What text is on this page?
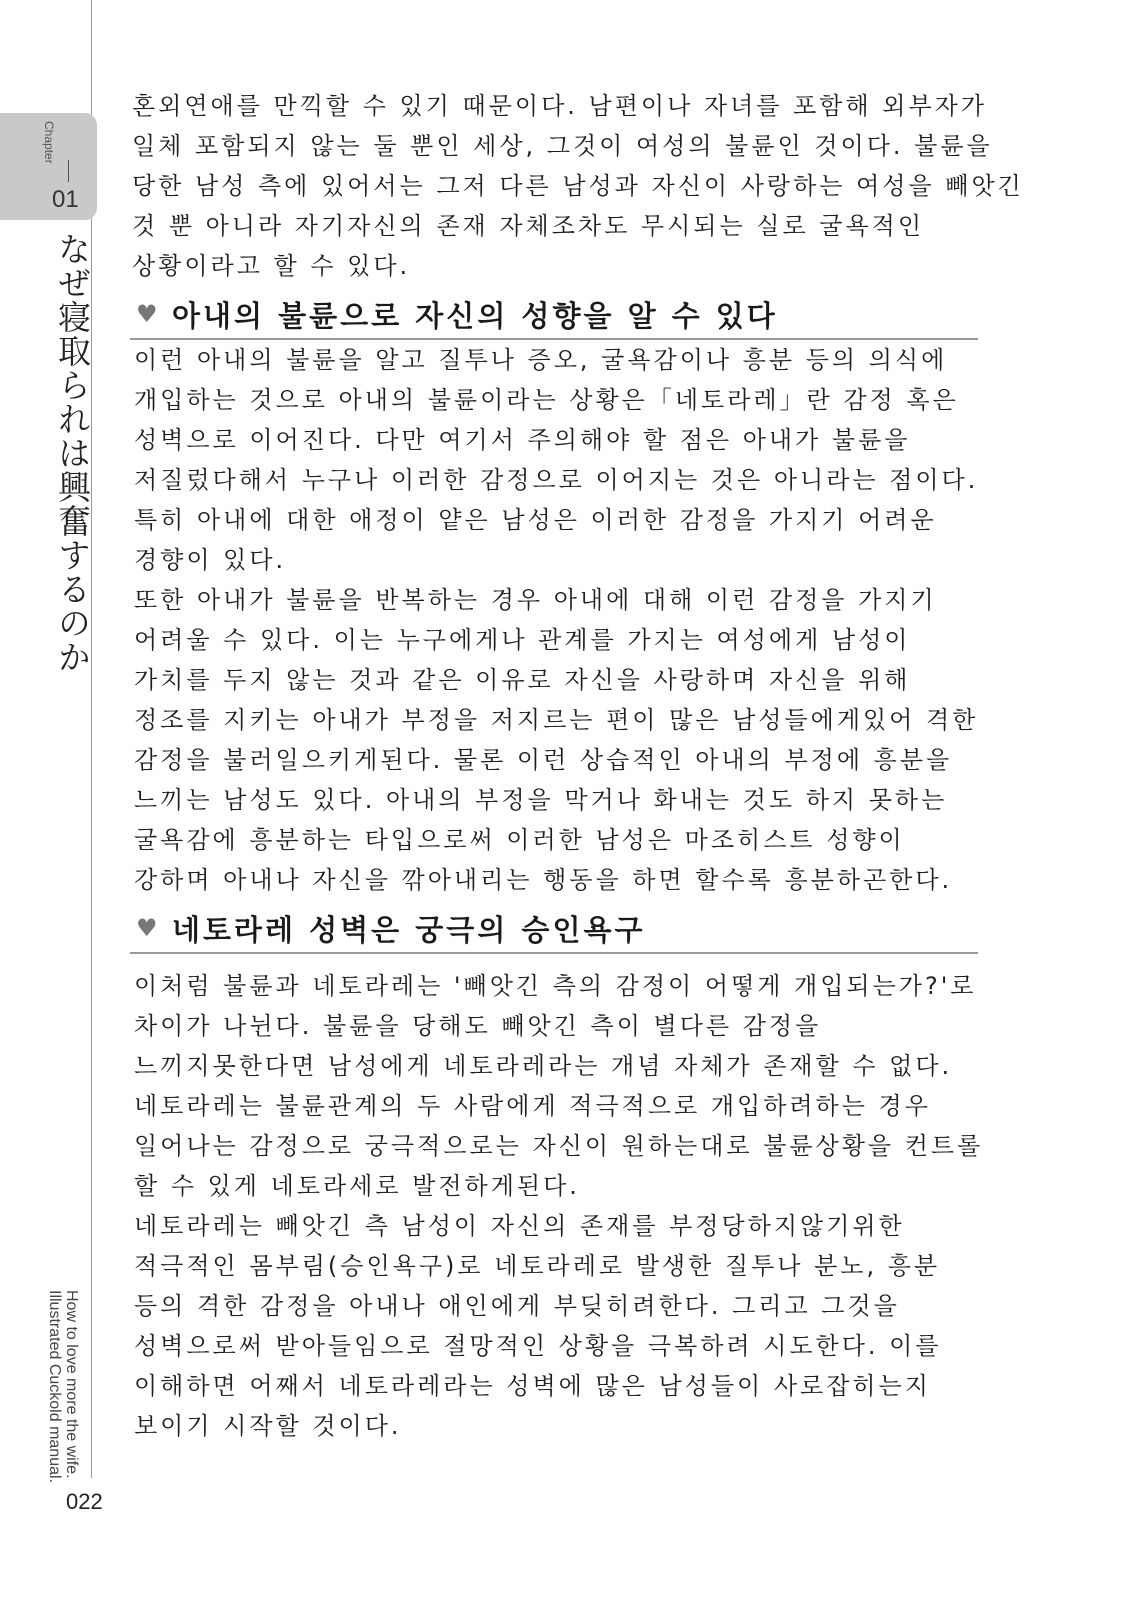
Chapter
01
なぜ寝取られは興奮するのか
How to love more the wife.
Illustrated Cuckold manual.
022

혼외연애를 만끽할 수 있기 때문이다. 남편이나 자녀를 포함해 외부자가

일체 포함되지 않는 둘 뿐인 세상, 그것이 여성의 불륜인 것이다. 불륜을

당한 남성 측에 있어서는 그저 다른 남성과 자신이 사랑하는 여성을 빼앗긴

것 뿐 아니라 자기자신의 존재 자체조차도 무시되는 실로 굴욕적인

상황이라고 할 수 있다.

♥ 아내의 불륜으로 자신의 성향을 알 수 있다

이런 아내의 불륜을 알고 질투나 증오, 굴욕감이나 흥분 등의 의식에

개입하는 것으로 아내의 불륜이라는 상황은「네토라레」란 감정 혹은

성벽으로 이어진다. 다만 여기서 주의해야 할 점은 아내가 불륜을

저질렀다해서 누구나 이러한 감정으로 이어지는 것은 아니라는 점이다.

특히 아내에 대한 애정이 얕은 남성은 이러한 감정을 가지기 어려운

경향이 있다.

또한 아내가 불륜을 반복하는 경우 아내에 대해 이런 감정을 가지기

어려울 수 있다. 이는 누구에게나 관계를 가지는 여성에게 남성이

가치를 두지 않는 것과 같은 이유로 자신을 사랑하며 자신을 위해

정조를 지키는 아내가 부정을 저지르는 편이 많은 남성들에게있어 격한

감정을 불러일으키게된다. 물론 이런 상습적인 아내의 부정에 흥분을

느끼는 남성도 있다. 아내의 부정을 막거나 화내는 것도 하지 못하는

굴욕감에 흥분하는 타입으로써 이러한 남성은 마조히스트 성향이

강하며 아내나 자신을 깎아내리는 행동을 하면 할수록 흥분하곤한다.

♥ 네토라레 성벽은 궁극의 승인욕구

이처럼 불륜과 네토라레는 '빼앗긴 측의 감정이 어떻게 개입되는가?'로

차이가 나뉜다. 불륜을 당해도 빼앗긴 측이 별다른 감정을

느끼지못한다면 남성에게 네토라레라는 개념 자체가 존재할 수 없다.

네토라레는 불륜관계의 두 사람에게 적극적으로 개입하려하는 경우

일어나는 감정으로 궁극적으로는 자신이 원하는대로 불륜상황을 컨트롤

할 수 있게 네토라세로 발전하게된다.

네토라레는 빼앗긴 측 남성이 자신의 존재를 부정당하지않기위한

적극적인 몸부림(승인욕구)로 네토라레로 발생한 질투나 분노, 흥분

등의 격한 감정을 아내나 애인에게 부딪히려한다. 그리고 그것을

성벽으로써 받아들임으로 절망적인 상황을 극복하려 시도한다. 이를

이해하면 어째서 네토라레라는 성벽에 많은 남성들이 사로잡히는지

보이기 시작할 것이다.
